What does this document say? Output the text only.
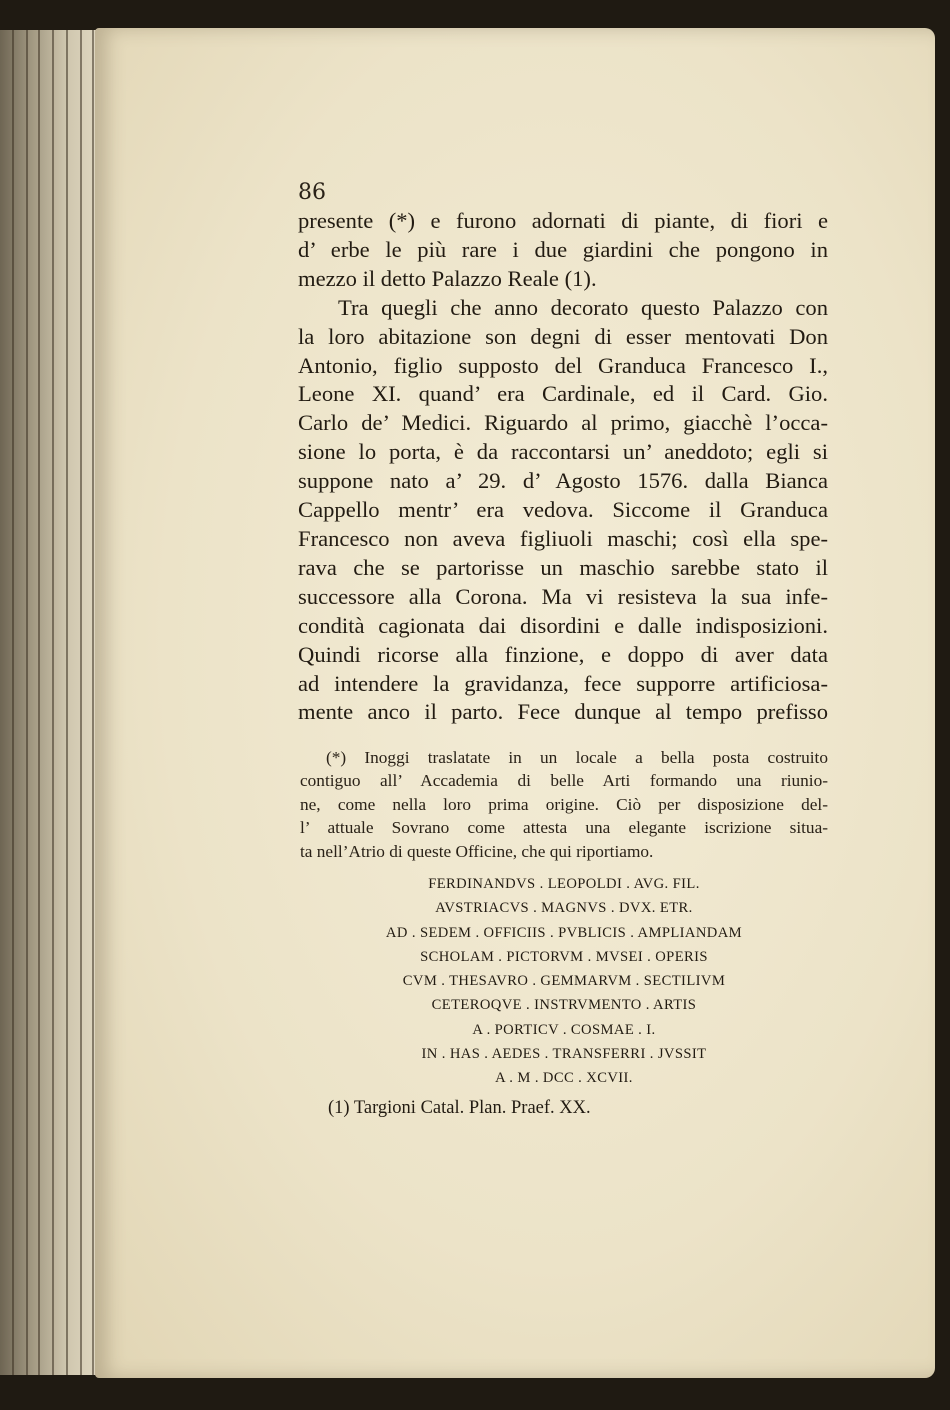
86
presente (*) e furono adornati di piante, di fiori e
d’ erbe le più rare i due giardini che pongono in
mezzo il detto Palazzo Reale (1).
Tra quegli che anno decorato questo Palazzo con
la loro abitazione son degni di esser mentovati Don
Antonio, figlio supposto del Granduca Francesco I.,
Leone XI. quand’ era Cardinale, ed il Card. Gio.
Carlo de’ Medici. Riguardo al primo, giacchè l’occa-
sione lo porta, è da raccontarsi un’ aneddoto; egli si
suppone nato a’ 29. d’ Agosto 1576. dalla Bianca
Cappello mentr’ era vedova. Siccome il Granduca
Francesco non aveva figliuoli maschi; così ella spe-
rava che se partorisse un maschio sarebbe stato il
successore alla Corona. Ma vi resisteva la sua infe-
condità cagionata dai disordini e dalle indisposizioni.
Quindi ricorse alla finzione, e doppo di aver data
ad intendere la gravidanza, fece supporre artificiosa-
mente anco il parto. Fece dunque al tempo prefisso
(*) Inoggi traslatate in un locale a bella posta costruito
contiguo all’ Accademia di belle Arti formando una riunio-
ne, come nella loro prima origine. Ciò per disposizione del-
l’ attuale Sovrano come attesta una elegante iscrizione situa-
ta nell’Atrio di queste Officine, che qui riportiamo.
FERDINANDVS . LEOPOLDI . AVG. FIL.
AVSTRIACVS . MAGNVS . DVX. ETR.
AD . SEDEM . OFFICIIS . PVBLICIS . AMPLIANDAM
SCHOLAM . PICTORVM . MVSEI . OPERIS
CVM . THESAVRO . GEMMARVM . SECTILIVM
CETEROQVE . INSTRVMENTO . ARTIS
A . PORTICV . COSMAE . I.
IN . HAS . AEDES . TRANSFERRI . JVSSIT
A . M . DCC . XCVII.
(1) Targioni Catal. Plan. Praef. XX.
